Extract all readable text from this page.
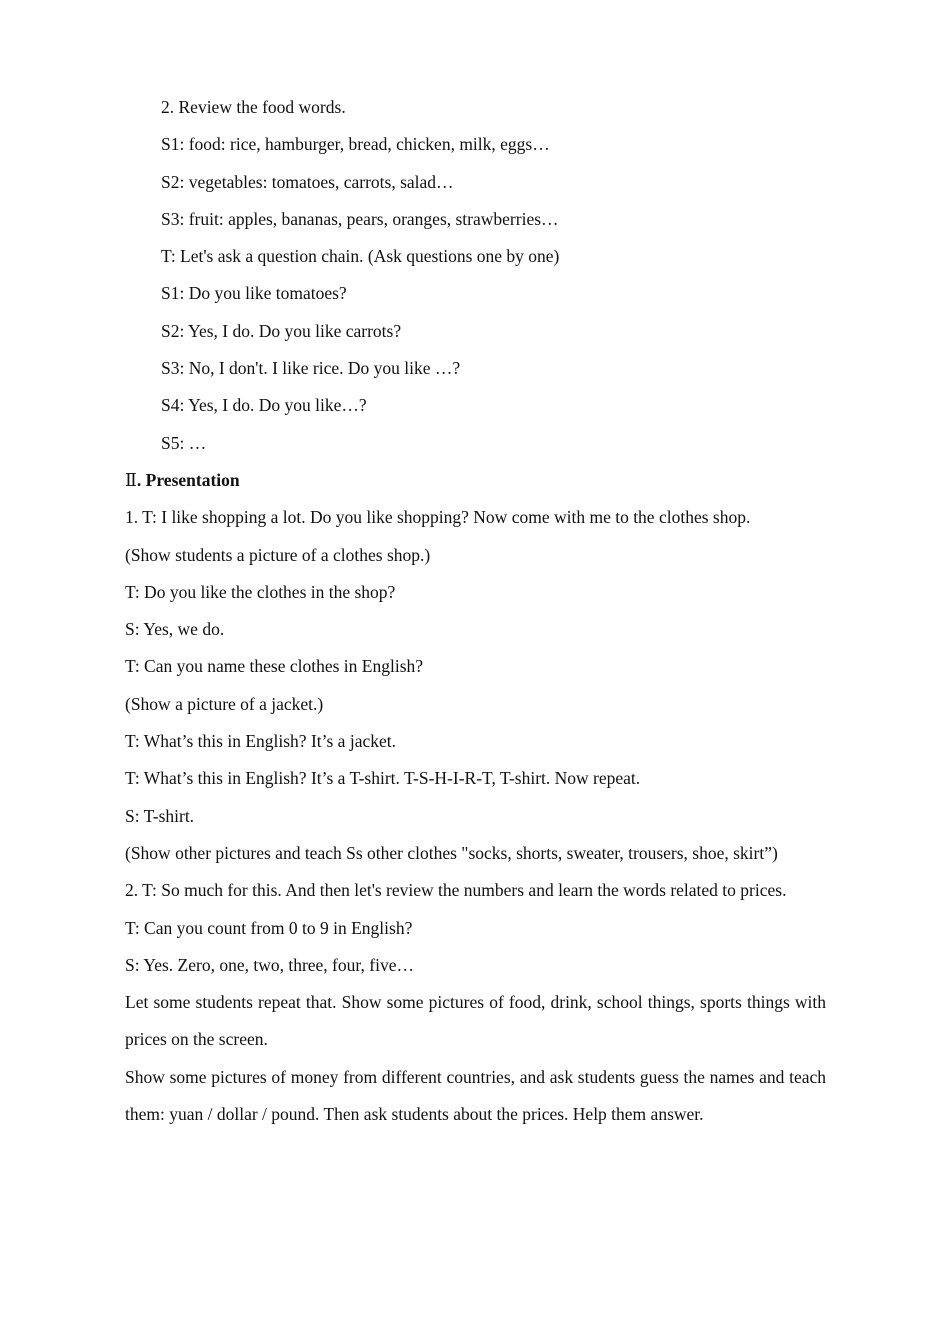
2. Review the food words.

S1: food: rice, hamburger, bread, chicken, milk, eggs…

S2: vegetables: tomatoes, carrots, salad…

S3: fruit: apples, bananas, pears, oranges, strawberries…

T: Let's ask a question chain. (Ask questions one by one)

S1: Do you like tomatoes?

S2: Yes, I do. Do you like carrots?

S3: No, I don't. I like rice. Do you like …?

S4: Yes, I do. Do you like…?

S5: …

Ⅱ. Presentation

1. T: I like shopping a lot. Do you like shopping? Now come with me to the clothes shop.

(Show students a picture of a clothes shop.)

T: Do you like the clothes in the shop?

S: Yes, we do.

T: Can you name these clothes in English?

(Show a picture of a jacket.)

T: What’s this in English? It’s a jacket.

T: What’s this in English? It’s a T-shirt. T-S-H-I-R-T, T-shirt. Now repeat.

S: T-shirt.

(Show other pictures and teach Ss other clothes "socks, shorts, sweater, trousers, shoe, skirt”)

2. T: So much for this. And then let's review the numbers and learn the words related to prices.

T: Can you count from 0 to 9 in English?

S: Yes. Zero, one, two, three, four, five…

Let some students repeat that. Show some pictures of food, drink, school things, sports things with prices on the screen.

Show some pictures of money from different countries, and ask students guess the names and teach them: yuan / dollar / pound. Then ask students about the prices. Help them answer.
